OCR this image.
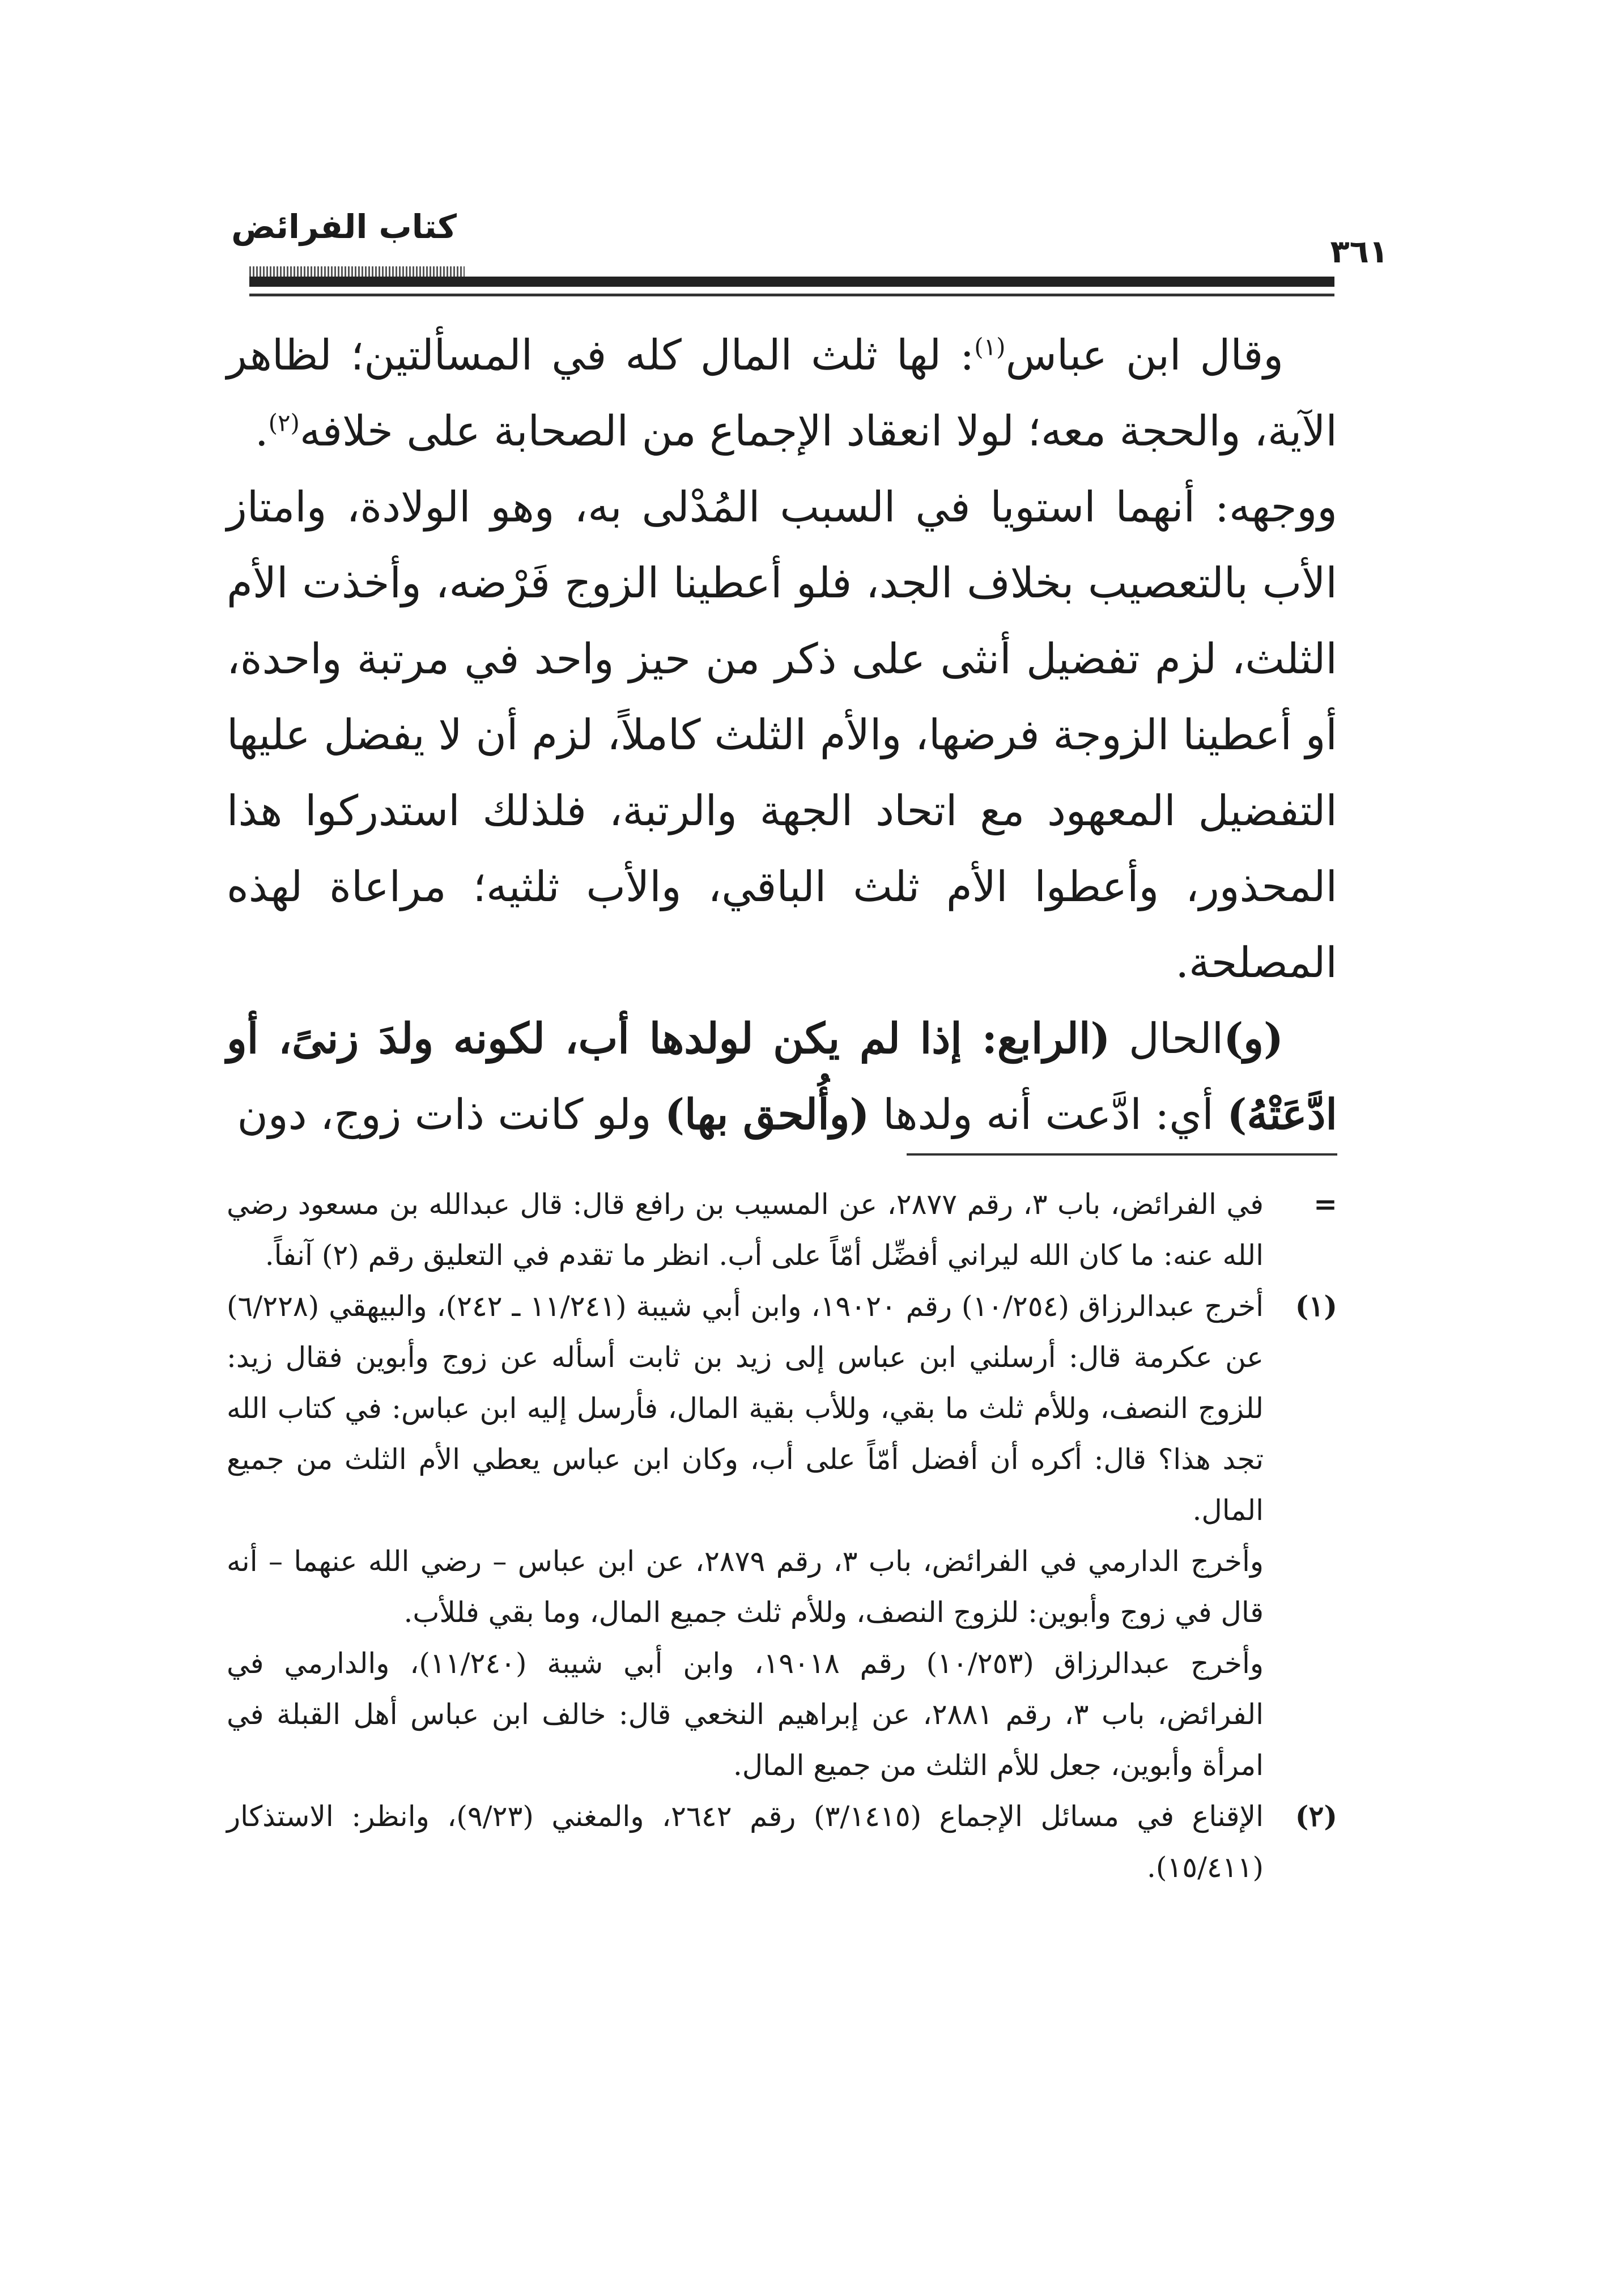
كتاب الفرائض
٣٦١

وقال ابن عباس$^{(١)}$: لها ثلث المال كله في المسألتين؛ لظاهر الآية، والحجة معه؛ لولا انعقاد الإجماع من الصحابة على خلافه$^{(٢)}$.

ووجهه: أنهما استويا في السبب المُدْلى به، وهو الولادة، وامتاز الأب بالتعصيب بخلاف الجد، فلو أعطينا الزوج فَرْضه، وأخذت الأم الثلث، لزم تفضيل أنثى على ذكر من حيز واحد في مرتبة واحدة، أو أعطينا الزوجة فرضها، والأم الثلث كاملاً، لزم أن لا يفضل عليها التفضيل المعهود مع اتحاد الجهة والرتبة، فلذلك استدركوا هذا المحذور، وأعطوا الأم ثلث الباقي، والأب ثلثيه؛ مراعاة لهذه المصلحة.

(و)الحال (الرابع: إذا لم يكن لولدها أب، لكونه ولدَ زنىً، أو ادَّعَتْهُ) أي: ادَّعت أنه ولدها (وأُلحق بها) ولو كانت ذات زوج، دون

=

في الفرائض، باب ٣، رقم ٢٨٧٧، عن المسيب بن رافع قال: قال عبدالله بن مسعود رضي الله عنه: ما كان الله ليراني أفضِّل أمّاً على أب. انظر ما تقدم في التعليق رقم (٢) آنفاً.

(١)

أخرج عبدالرزاق (١٠/٢٥٤) رقم ١٩٠٢٠، وابن أبي شيبة (١١/٢٤١ ـ ٢٤٢)، والبيهقي (٦/٢٢٨) عن عكرمة قال: أرسلني ابن عباس إلى زيد بن ثابت أسأله عن زوج وأبوين فقال زيد: للزوج النصف، وللأم ثلث ما بقي، وللأب بقية المال، فأرسل إليه ابن عباس: في كتاب الله تجد هذا؟ قال: أكره أن أفضل أمّاً على أب، وكان ابن عباس يعطي الأم الثلث من جميع المال.

وأخرج الدارمي في الفرائض، باب ٣، رقم ٢٨٧٩، عن ابن عباس – رضي الله عنهما – أنه قال في زوج وأبوين: للزوج النصف، وللأم ثلث جميع المال، وما بقي فللأب.

وأخرج عبدالرزاق (١٠/٢٥٣) رقم ١٩٠١٨، وابن أبي شيبة (١١/٢٤٠)، والدارمي في الفرائض، باب ٣، رقم ٢٨٨١، عن إبراهيم النخعي قال: خالف ابن عباس أهل القبلة في امرأة وأبوين، جعل للأم الثلث من جميع المال.

(٢)

الإقناع في مسائل الإجماع (٣/١٤١٥) رقم ٢٦٤٢، والمغني (٩/٢٣)، وانظر: الاستذكار (١٥/٤١١).
